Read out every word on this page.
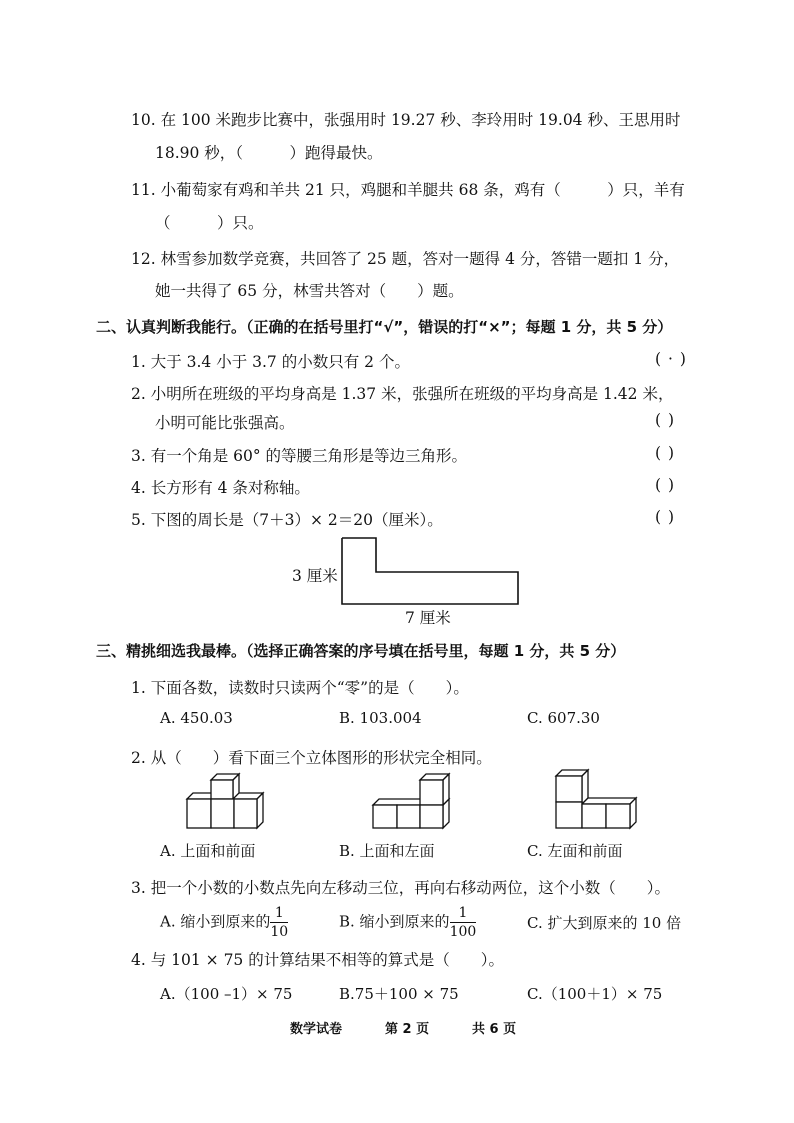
10. 在 100 米跑步比赛中，张强用时 19.27 秒、李玲用时 19.04 秒、王思用时
18.90 秒，（　　　）跑得最快。
11. 小葡萄家有鸡和羊共 21 只，鸡腿和羊腿共 68 条，鸡有（　　　）只，羊有
（　　　）只。
12. 林雪参加数学竞赛，共回答了 25 题，答对一题得 4 分，答错一题扣 1 分，
她一共得了 65 分，林雪共答对（　　）题。
二、认真判断我能行。（正确的在括号里打“√”，错误的打“×”；每题 1 分，共 5 分）
1. 大于 3.4 小于 3.7 的小数只有 2 个。	( · )
2. 小明所在班级的平均身高是 1.37 米，张强所在班级的平均身高是 1.42 米，
小明可能比张强高。	( )
3. 有一个角是 60° 的等腰三角形是等边三角形。	( )
4. 长方形有 4 条对称轴。	( )
5. 下图的周长是（7＋3）× 2＝20（厘米）。	( )
3 厘米
7 厘米
三、精挑细选我最棒。（选择正确答案的序号填在括号里，每题 1 分，共 5 分）
1. 下面各数，读数时只读两个“零”的是（　　）。
A. 450.03	B. 103.004	C. 607.30
2. 从（　　）看下面三个立体图形的形状完全相同。
A. 上面和前面	B. 上面和左面	C. 左面和前面
3. 把一个小数的小数点先向左移动三位，再向右移动两位，这个小数（　　）。
A. 缩小到原来的 $\frac{1}{10}$	B. 缩小到原来的 $\frac{1}{100}$	C. 扩大到原来的 10 倍
4. 与 101 × 75 的计算结果不相等的算式是（　　）。
A.（100 –1）× 75	B.75＋100 × 75	C.（100＋1）× 75
数学试卷	第 2 页	共 6 页
